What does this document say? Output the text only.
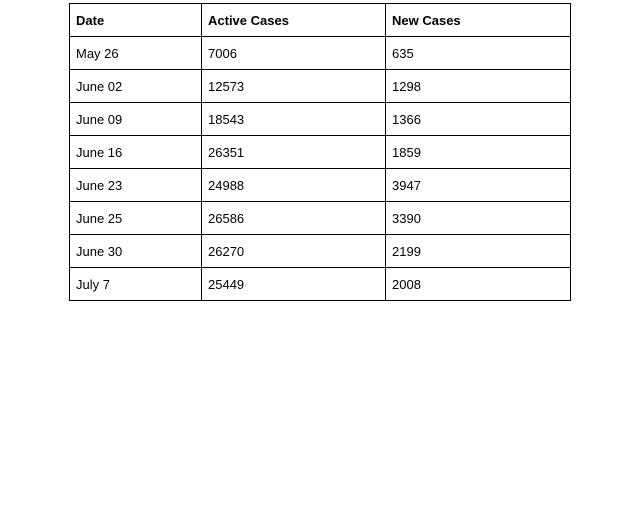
Date	Active Cases	New Cases
May 26	7006	635
June 02	12573	1298
June 09	18543	1366
June 16	26351	1859
June 23	24988	3947
June 25	26586	3390
June 30	26270	2199
July 7	25449	2008
